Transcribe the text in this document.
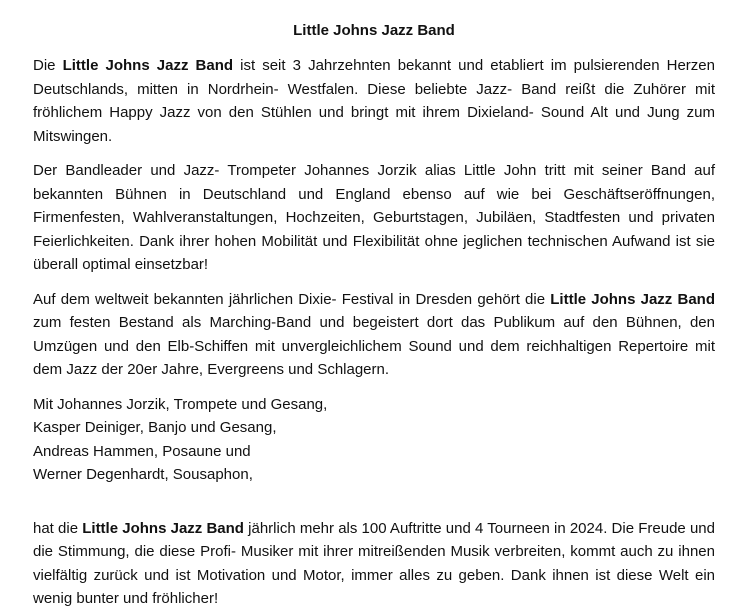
Little Johns Jazz Band

Die Little Johns Jazz Band ist seit 3 Jahrzehnten bekannt und etabliert im pulsierenden Herzen Deutschlands, mitten in Nordrhein- Westfalen. Diese beliebte Jazz- Band reißt die Zuhörer mit fröhlichem Happy Jazz von den Stühlen und bringt mit ihrem Dixieland- Sound Alt und Jung zum Mitswingen.

Der Bandleader und Jazz- Trompeter Johannes Jorzik alias Little John tritt mit seiner Band auf bekannten Bühnen in Deutschland und England ebenso auf wie bei Geschäftseröffnungen, Firmenfesten, Wahlveranstaltungen, Hochzeiten, Geburtstagen, Jubiläen, Stadtfesten und privaten Feierlichkeiten. Dank ihrer hohen Mobilität und Flexibilität ohne jeglichen technischen Aufwand ist sie überall optimal einsetzbar!

Auf dem weltweit bekannten jährlichen Dixie- Festival in Dresden gehört die Little Johns Jazz Band zum festen Bestand als Marching-Band und begeistert dort das Publikum auf den Bühnen, den Umzügen und den Elb-Schiffen mit unvergleichlichem Sound und dem reichhaltigen Repertoire mit dem Jazz der 20er Jahre, Evergreens und Schlagern.

Mit Johannes Jorzik, Trompete und Gesang,
Kasper Deiniger, Banjo und Gesang,
Andreas Hammen, Posaune und
Werner Degenhardt, Sousaphon,

hat die Little Johns Jazz Band jährlich mehr als 100 Auftritte und 4 Tourneen in 2024. Die Freude und die Stimmung, die diese Profi- Musiker mit ihrer mitreißenden Musik verbreiten, kommt auch zu ihnen vielfältig zurück und ist Motivation und Motor, immer alles zu geben. Dank ihnen ist diese Welt ein wenig bunter und fröhlicher!
